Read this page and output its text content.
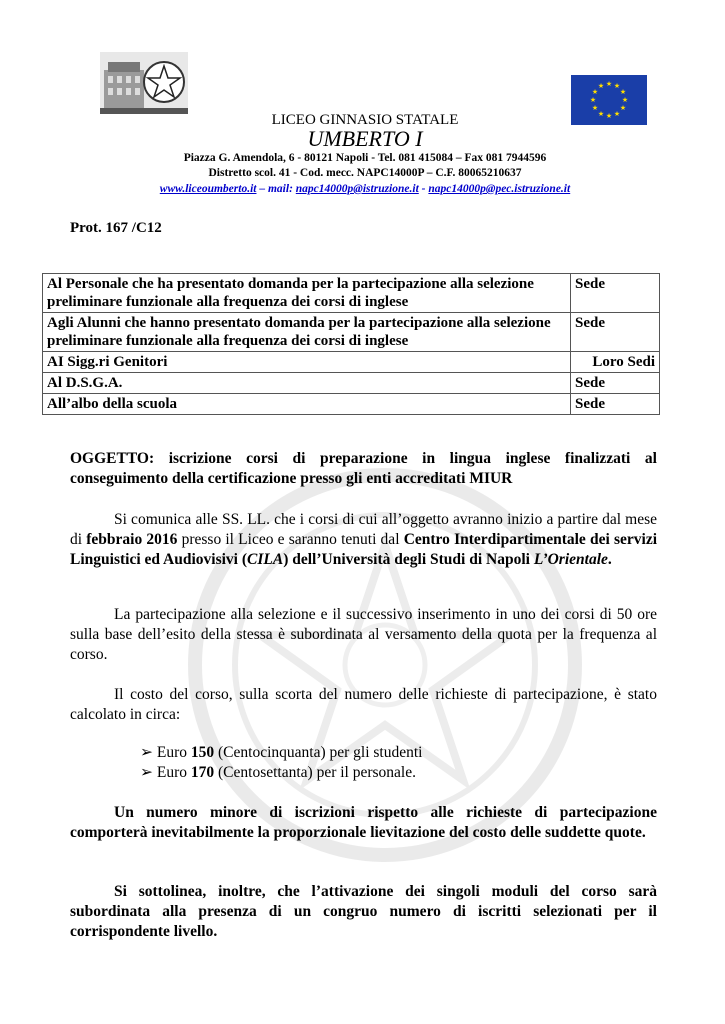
★ ★
★
★
★
★
★
★
★
★
★
★
LICEO GINNASIO STATALE
UMBERTO I
Piazza G. Amendola, 6 - 80121 Napoli - Tel. 081 415084 – Fax 081 7944596
Distretto scol. 41 - Cod. mecc. NAPC14000P – C.F. 80065210637
www.liceoumberto.it – mail: napc14000p@istruzione.it - napc14000p@pec.istruzione.it
Prot. 167 /C12
Al Personale che ha presentato domanda per la partecipazione alla selezione preliminare funzionale alla frequenza dei corsi di inglese	Sede
Agli Alunni che hanno presentato domanda per la partecipazione alla selezione preliminare funzionale alla frequenza dei corsi di inglese	Sede
AI Sigg.ri Genitori	Loro Sedi
Al D.S.G.A.	Sede
All’albo della scuola	Sede
OGGETTO: iscrizione corsi di preparazione in lingua inglese finalizzati al conseguimento della certificazione presso gli enti accreditati MIUR
Si comunica alle SS. LL. che i corsi di cui all’oggetto avranno inizio a partire dal mese di febbraio 2016 presso il Liceo e saranno tenuti dal Centro Interdipartimentale dei servizi Linguistici ed Audiovisivi (CILA) dell’Università degli Studi di Napoli L’Orientale.
La partecipazione alla selezione e il successivo inserimento in uno dei corsi di 50 ore sulla base dell’esito della stessa è subordinata al versamento della quota per la frequenza al corso.
Il costo del corso, sulla scorta del numero delle richieste di partecipazione, è stato calcolato in circa:
➢ Euro 150 (Centocinquanta) per gli studenti
➢ Euro 170 (Centosettanta) per il personale.
Un numero minore di iscrizioni rispetto alle richieste di partecipazione comporterà inevitabilmente la proporzionale lievitazione del costo delle suddette quote.
Si sottolinea, inoltre, che l’attivazione dei singoli moduli del corso sarà subordinata alla presenza di un congruo numero di iscritti selezionati per il corrispondente livello.
